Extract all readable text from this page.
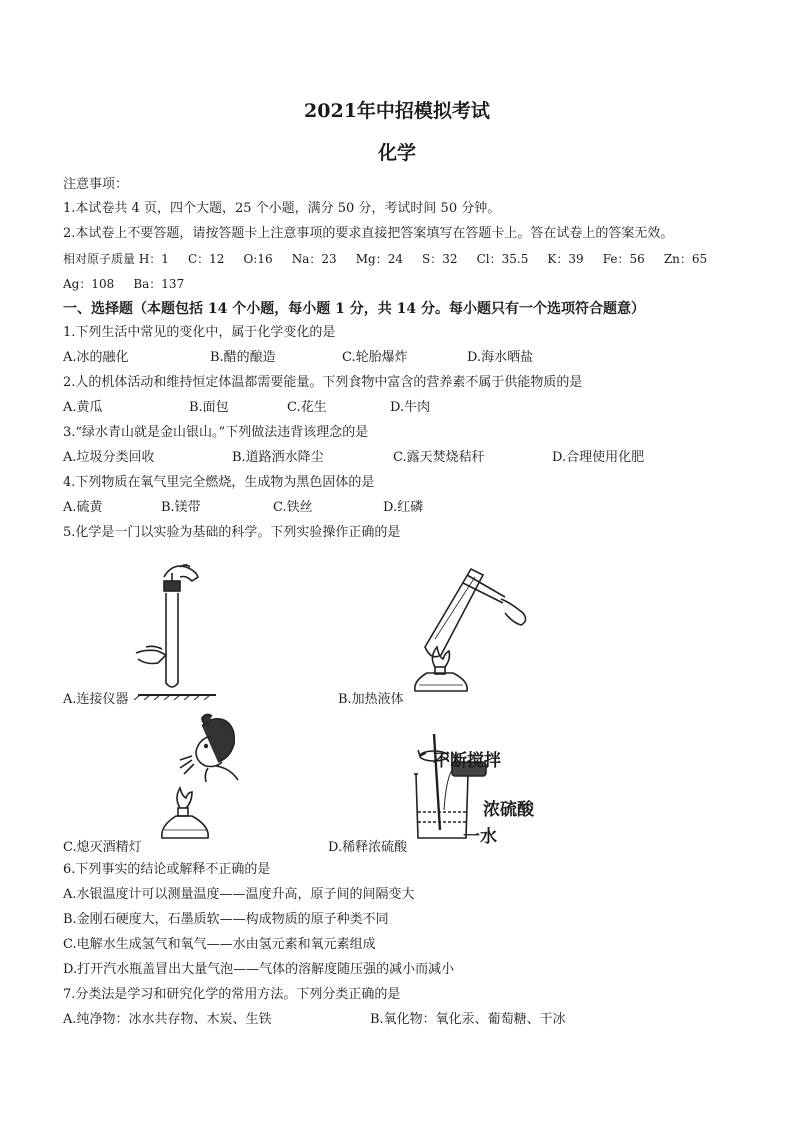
2021年中招模拟考试
化学
注意事项：
1.本试卷共 4 页，四个大题，25 个小题，满分 50 分，考试时间 50 分钟。
2.本试卷上不要答题，请按答题卡上注意事项的要求直接把答案填写在答题卡上。答在试卷上的答案无效。
相对原子质量 H：1     C：12     O:16     Na：23     Mg：24     S：32     Cl：35.5     K：39     Fe：56     Zn：65
Ag：108     Ba：137
一、选择题（本题包括 14 个小题，每小题 1 分，共 14 分。每小题只有一个选项符合题意）
1.下列生活中常见的变化中，属于化学变化的是
A.冰的融化	B.醋的酿造	C.轮胎爆炸	D.海水晒盐
2.人的机体活动和维持恒定体温都需要能量。下列食物中富含的营养素不属于供能物质的是
A.黄瓜	B.面包	C.花生	D.牛肉
3.“绿水青山就是金山银山。”下列做法违背该理念的是
A.垃圾分类回收	B.道路洒水降尘	C.露天焚烧秸秆	D.合理使用化肥
4.下列物质在氧气里完全燃烧，生成物为黑色固体的是
A.硫黄	B.镁带	C.铁丝	D.红磷
5.化学是一门以实验为基础的科学。下列实验操作正确的是
A.连接仪器	B.加热液体
C.熄灭酒精灯
不断搅拌
浓硫酸
一水
D.稀释浓硫酸
6.下列事实的结论或解释不正确的是
A.水银温度计可以测量温度——温度升高，原子间的间隔变大
B.金刚石硬度大，石墨质软——构成物质的原子种类不同
C.电解水生成氢气和氧气——水由氢元素和氧元素组成
D.打开汽水瓶盖冒出大量气泡——气体的溶解度随压强的减小而减小
7.分类法是学习和研究化学的常用方法。下列分类正确的是
A.纯净物：冰水共存物、木炭、生铁	B.氧化物：氧化汞、葡萄糖、干冰
